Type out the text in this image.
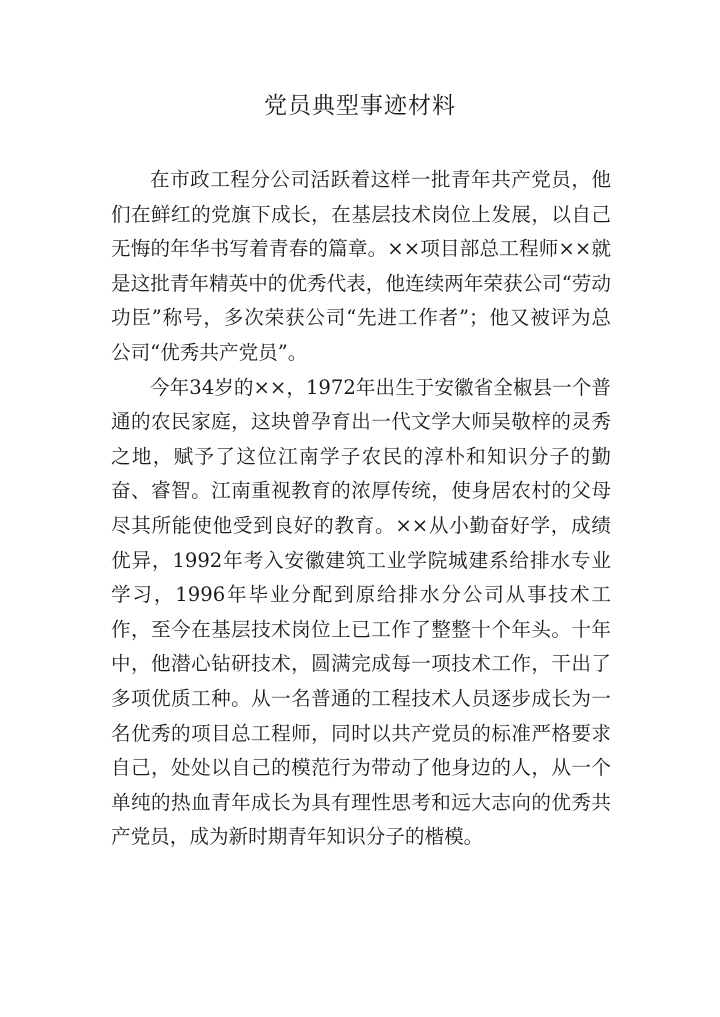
党员典型事迹材料

在市政工程分公司活跃着这样一批青年共产党员，他们在鲜红的党旗下成长，在基层技术岗位上发展，以自己无悔的年华书写着青春的篇章。××项目部总工程师××就是这批青年精英中的优秀代表，他连续两年荣获公司“劳动功臣”称号，多次荣获公司“先进工作者”；他又被评为总公司“优秀共产党员”。

今年34岁的××，1972年出生于安徽省全椒县一个普通的农民家庭，这块曾孕育出一代文学大师吴敬梓的灵秀之地，赋予了这位江南学子农民的淳朴和知识分子的勤奋、睿智。江南重视教育的浓厚传统，使身居农村的父母尽其所能使他受到良好的教育。××从小勤奋好学，成绩优异，1992年考入安徽建筑工业学院城建系给排水专业学习，1996年毕业分配到原给排水分公司从事技术工作，至今在基层技术岗位上已工作了整整十个年头。十年中，他潜心钻研技术，圆满完成每一项技术工作，干出了多项优质工种。从一名普通的工程技术人员逐步成长为一名优秀的项目总工程师，同时以共产党员的标准严格要求自己，处处以自己的模范行为带动了他身边的人，从一个单纯的热血青年成长为具有理性思考和远大志向的优秀共产党员，成为新时期青年知识分子的楷模。
